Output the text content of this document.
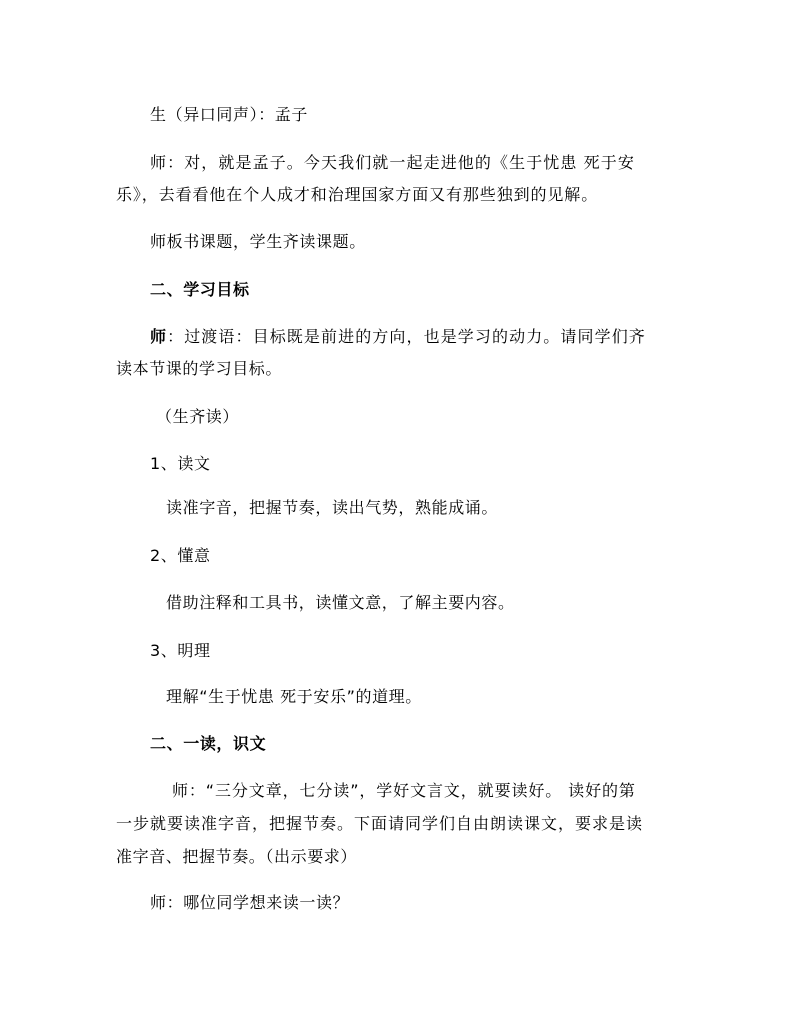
生（异口同声）：孟子
师：对，就是孟子。今天我们就一起走进他的《生于忧患 死于安
乐》，去看看他在个人成才和治理国家方面又有那些独到的见解。
师板书课题，学生齐读课题。
二、学习目标
师：过渡语：目标既是前进的方向，也是学习的动力。请同学们齐
读本节课的学习目标。
（生齐读）
1、读文
读准字音，把握节奏，读出气势，熟能成诵。
2、懂意
借助注释和工具书，读懂文意，了解主要内容。
3、明理
理解“生于忧患 死于安乐”的道理。
二、一读，识文
师：“三分文章，七分读”，学好文言文，就要读好。 读好的第
一步就要读准字音，把握节奏。下面请同学们自由朗读课文，要求是读
准字音、把握节奏。（出示要求）
师：哪位同学想来读一读？
